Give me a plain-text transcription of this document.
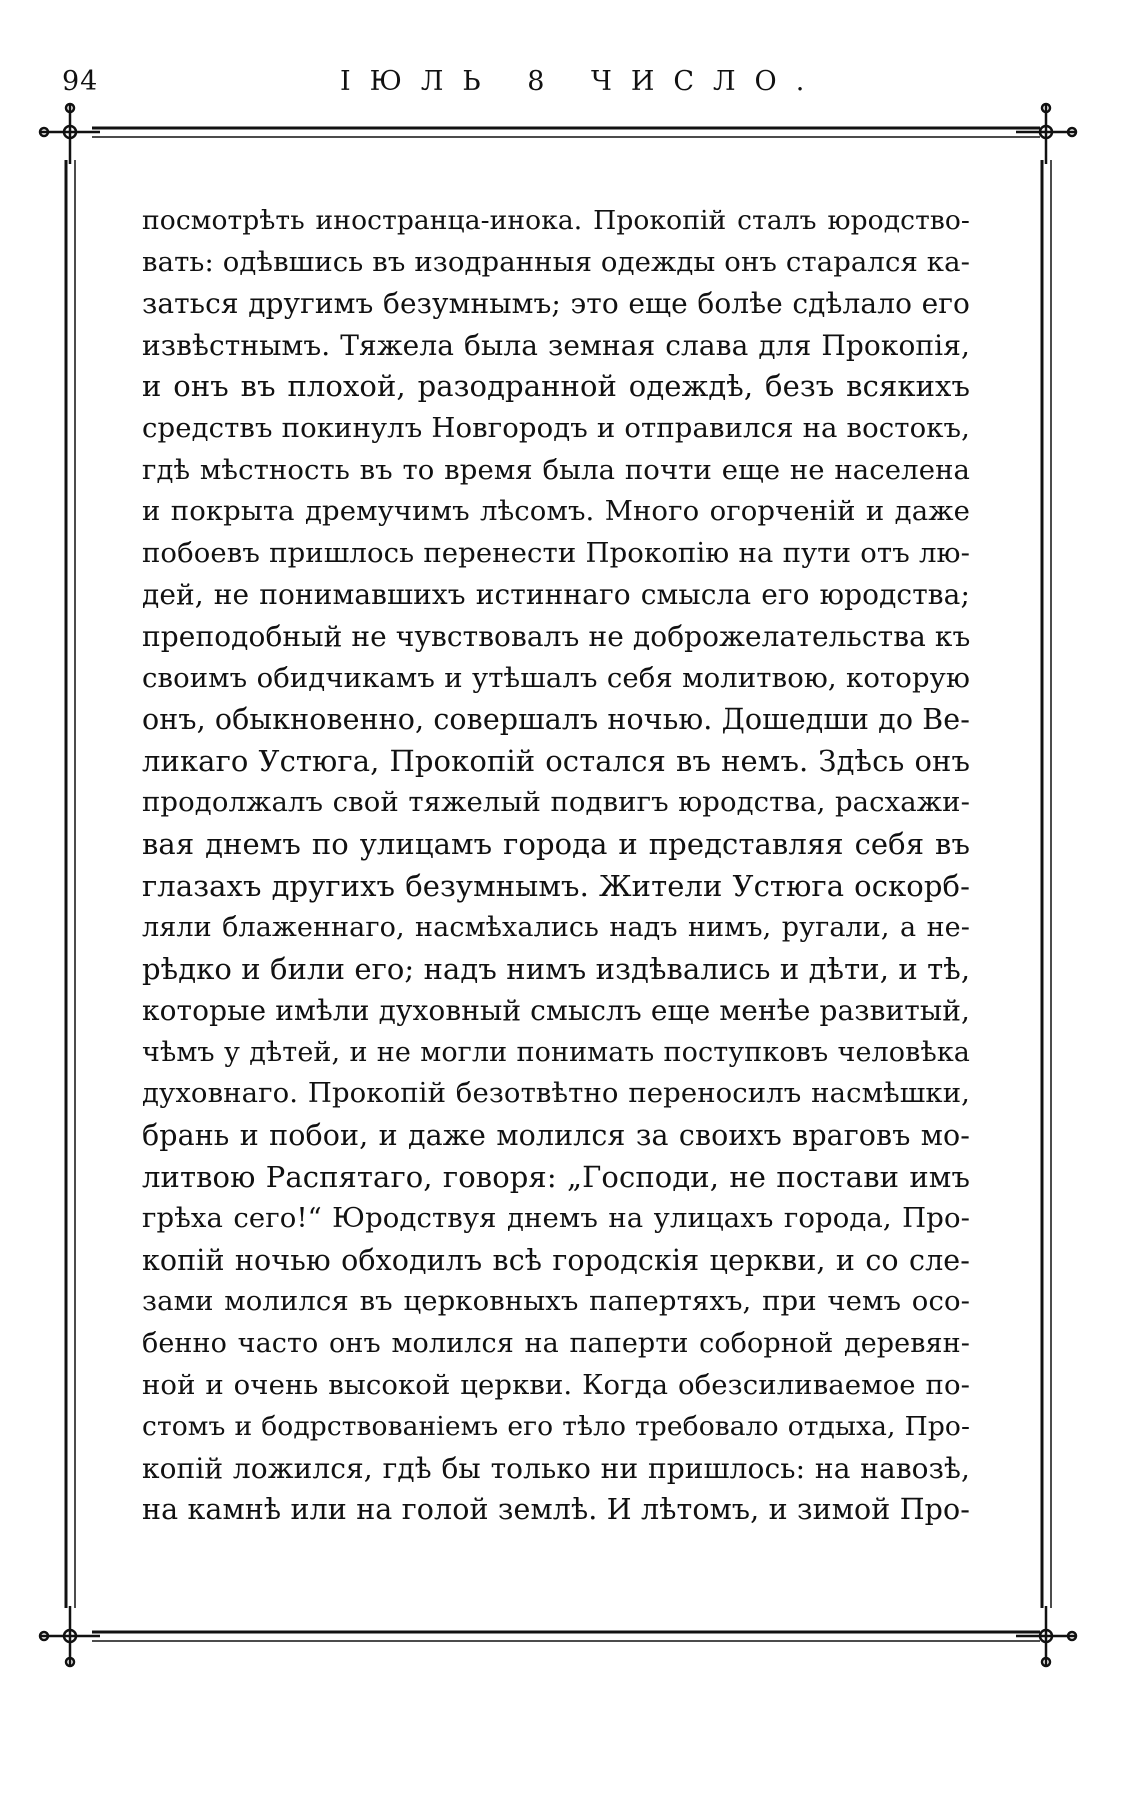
94	ІЮЛЬ 8 ЧИСЛО.
посмотрѣть иностранца-инока. Прокопій сталъ юродство-
вать: одѣвшись въ изодранныя одежды онъ старался ка-
заться другимъ безумнымъ; это еще болѣе сдѣлало его
извѣстнымъ. Тяжела была земная слава для Прокопія,
и онъ въ плохой, разодранной одеждѣ, безъ всякихъ
средствъ покинулъ Новгородъ и отправился на востокъ,
гдѣ мѣстность въ то время была почти еще не населена
и покрыта дремучимъ лѣсомъ. Много огорченій и даже
побоевъ пришлось перенести Прокопію на пути отъ лю-
дей, не понимавшихъ истиннаго смысла его юродства;
преподобный не чувствовалъ не доброжелательства къ
своимъ обидчикамъ и утѣшалъ себя молитвою, которую
онъ, обыкновенно, совершалъ ночью. Дошедши до Ве-
ликаго Устюга, Прокопій остался въ немъ. Здѣсь онъ
продолжалъ свой тяжелый подвигъ юродства, расхажи-
вая днемъ по улицамъ города и представляя себя въ
глазахъ другихъ безумнымъ. Жители Устюга оскорб-
ляли блаженнаго, насмѣхались надъ нимъ, ругали, а не-
рѣдко и били его; надъ нимъ издѣвались и дѣти, и тѣ,
которые имѣли духовный смыслъ еще менѣе развитый,
чѣмъ у дѣтей, и не могли понимать поступковъ человѣка
духовнаго. Прокопій безотвѣтно переносилъ насмѣшки,
брань и побои, и даже молился за своихъ враговъ мо-
литвою Распятаго, говоря: „Господи, не постави имъ
грѣха сего!“ Юродствуя днемъ на улицахъ города, Про-
копій ночью обходилъ всѣ городскія церкви, и со сле-
зами молился въ церковныхъ папертяхъ, при чемъ осо-
бенно часто онъ молился на паперти соборной деревян-
ной и очень высокой церкви. Когда обезсиливаемое по-
стомъ и бодрствованіемъ его тѣло требовало отдыха, Про-
копій ложился, гдѣ бы только ни пришлось: на навозѣ,
на камнѣ или на голой землѣ. И лѣтомъ, и зимой Про-
